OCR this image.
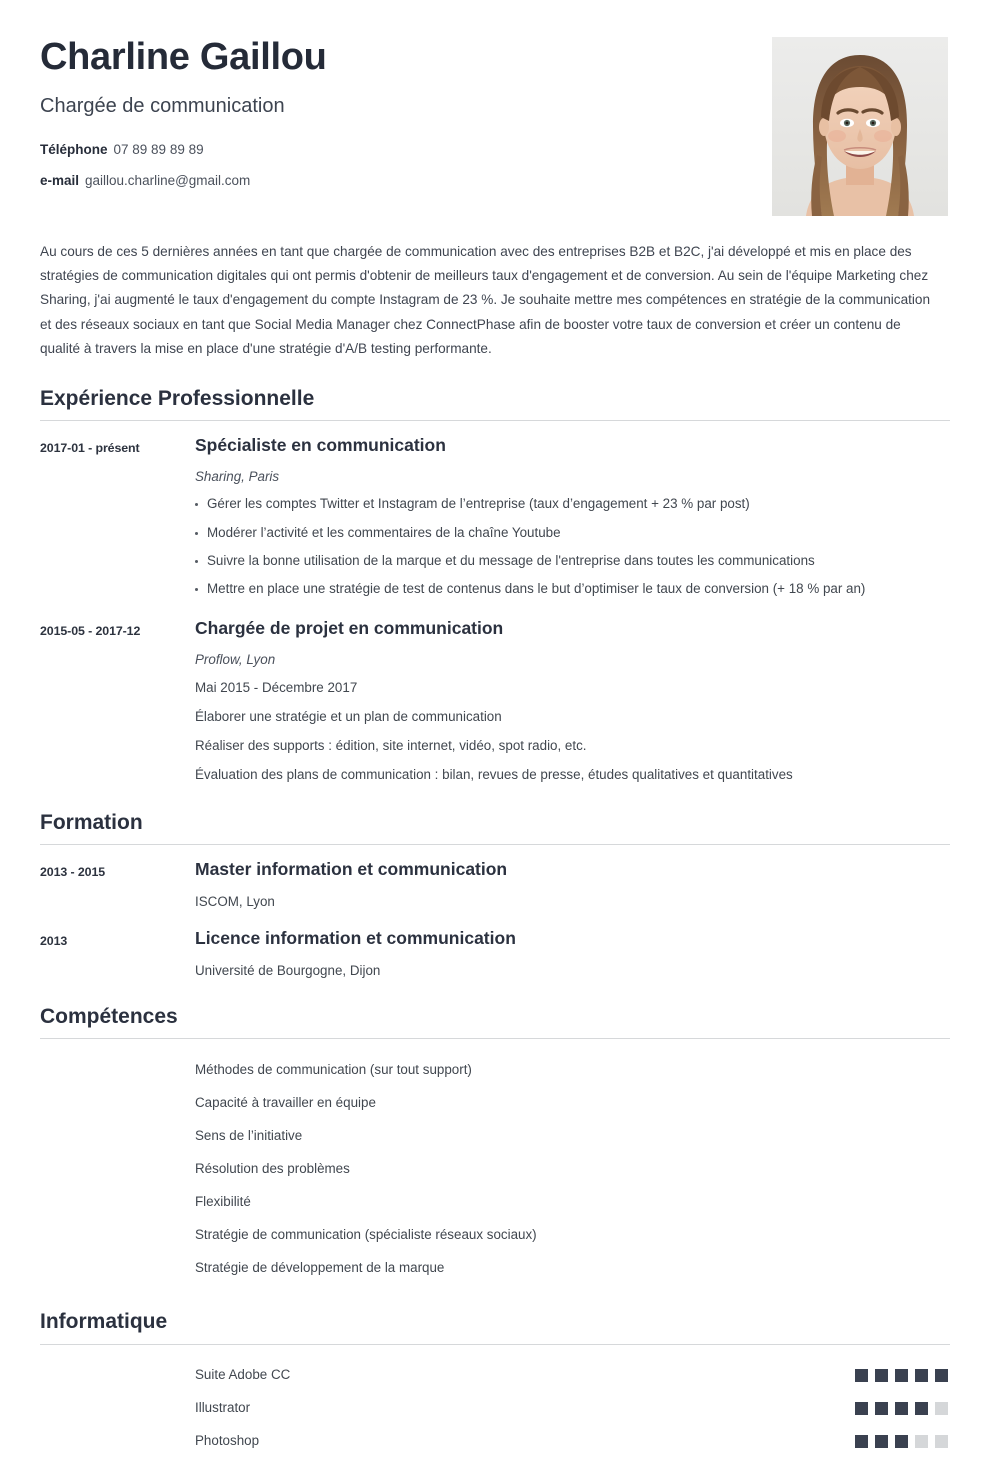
Charline Gaillou
Chargée de communication
Téléphone 07 89 89 89 89
e-mail gaillou.charline@gmail.com
Au cours de ces 5 dernières années en tant que chargée de communication avec des entreprises B2B et B2C, j'ai développé et mis en place des stratégies de communication digitales qui ont permis d'obtenir de meilleurs taux d'engagement et de conversion. Au sein de l'équipe Marketing chez Sharing, j'ai augmenté le taux d'engagement du compte Instagram de 23 %. Je souhaite mettre mes compétences en stratégie de la communication et des réseaux sociaux en tant que Social Media Manager chez ConnectPhase afin de booster votre taux de conversion et créer un contenu de qualité à travers la mise en place d'une stratégie d'A/B testing performante.
Expérience Professionnelle
2017-01 - présent	Spécialiste en communication
Sharing, Paris
Gérer les comptes Twitter et Instagram de l’entreprise (taux d’engagement + 23 % par post)
Modérer l’activité et les commentaires de la chaîne Youtube
Suivre la bonne utilisation de la marque et du message de l'entreprise dans toutes les communications
Mettre en place une stratégie de test de contenus dans le but d’optimiser le taux de conversion (+ 18 % par an)
2015-05 - 2017-12	Chargée de projet en communication
Proflow, Lyon
Mai 2015 - Décembre 2017
Élaborer une stratégie et un plan de communication
Réaliser des supports : édition, site internet, vidéo, spot radio, etc.
Évaluation des plans de communication : bilan, revues de presse, études qualitatives et quantitatives
Formation
2013 - 2015	Master information et communication
ISCOM, Lyon
2013	Licence information et communication
Université de Bourgogne, Dijon
Compétences
Méthodes de communication (sur tout support)
Capacité à travailler en équipe
Sens de l’initiative
Résolution des problèmes
Flexibilité
Stratégie de communication (spécialiste réseaux sociaux)
Stratégie de développement de la marque
Informatique
Suite Adobe CC
Illustrator
Photoshop
